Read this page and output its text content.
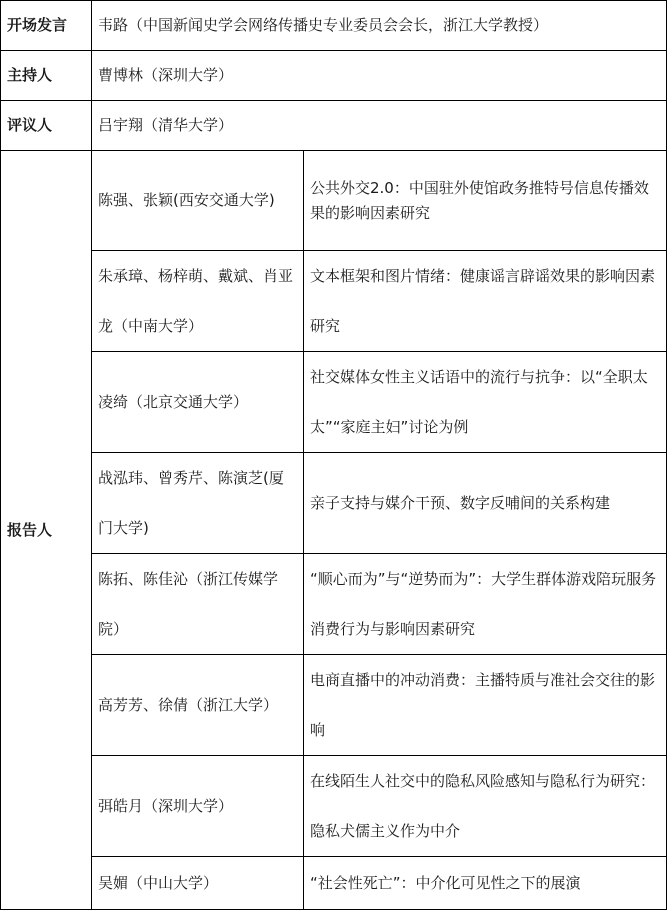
开场发言	韦路（中国新闻史学会网络传播史专业委员会会长，浙江大学教授）	
主持人	曹博林（深圳大学）	
评议人	吕宇翔（清华大学）	
报告人	陈强、张颖(西安交通大学)	公共外交2.0：中国驻外使馆政务推特号信息传播效果的影响因素研究
	朱承璋、杨梓萌、戴斌、肖亚龙（中南大学）	文本框架和图片情绪：健康谣言辟谣效果的影响因素研究
	凌绮（北京交通大学）	社交媒体女性主义话语中的流行与抗争：以“全职太太”“家庭主妇”讨论为例
	战泓玮、曾秀芹、陈演芝(厦门大学)	亲子支持与媒介干预、数字反哺间的关系构建
	陈拓、陈佳沁（浙江传媒学院）	“顺心而为”与“逆势而为”：大学生群体游戏陪玩服务消费行为与影响因素研究
	高芳芳、徐倩（浙江大学）	电商直播中的冲动消费：主播特质与准社会交往的影响
	弭皓月（深圳大学）	在线陌生人社交中的隐私风险感知与隐私行为研究：隐私犬儒主义作为中介
	吴媚（中山大学）	“社会性死亡”：中介化可见性之下的展演
